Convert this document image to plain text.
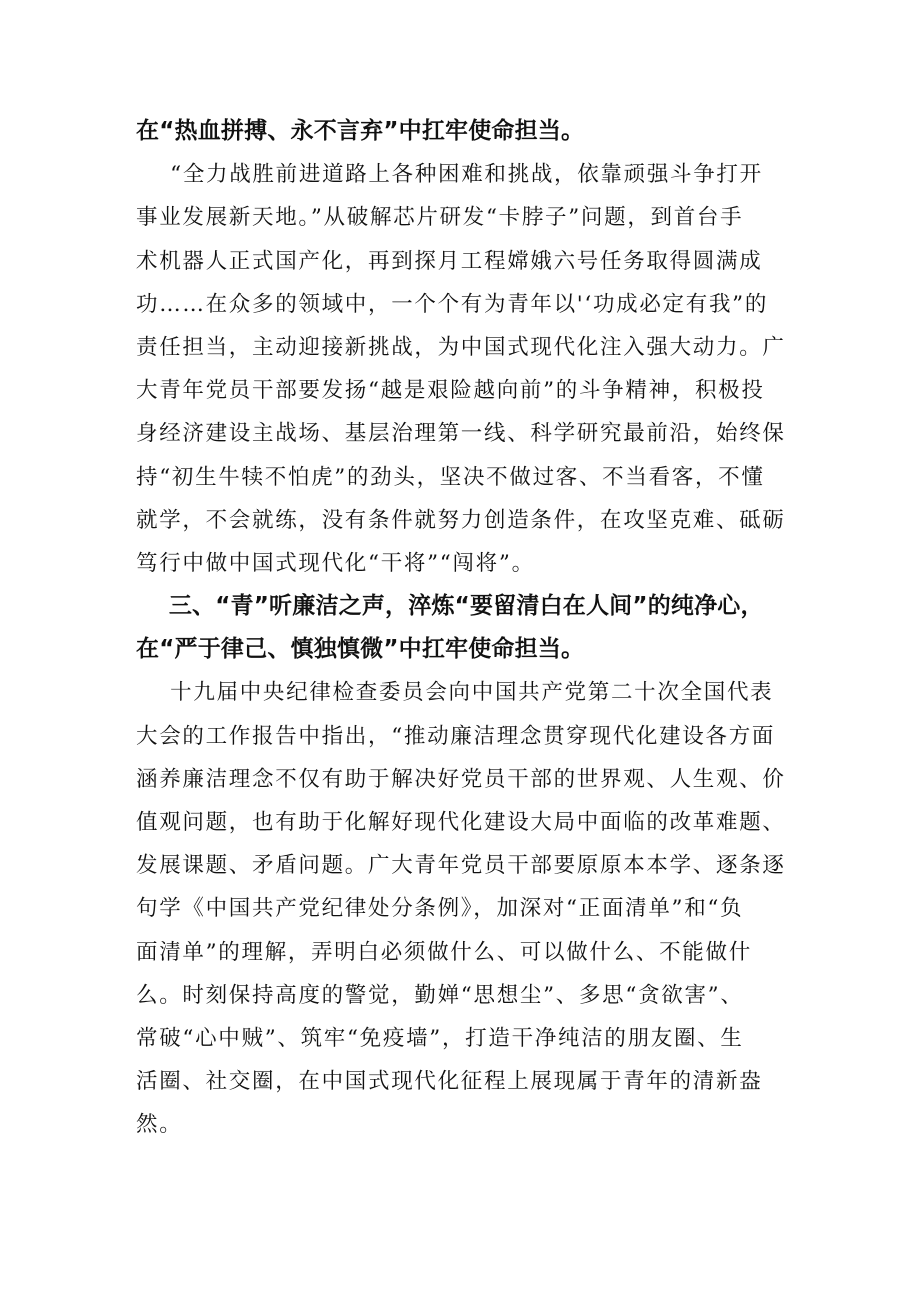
在“热血拼搏、永不言弃”中扛牢使命担当。
“全力战胜前进道路上各种困难和挑战，依靠顽强斗争打开
事业发展新天地。”从破解芯片研发“卡脖子”问题，到首台手
术机器人正式国产化，再到探月工程嫦娥六号任务取得圆满成
功……在众多的领域中，一个个有为青年以'‘功成必定有我”的
责任担当，主动迎接新挑战，为中国式现代化注入强大动力。广
大青年党员干部要发扬“越是艰险越向前”的斗争精神，积极投
身经济建设主战场、基层治理第一线、科学研究最前沿，始终保
持“初生牛犊不怕虎”的劲头，坚决不做过客、不当看客，不懂
就学，不会就练，没有条件就努力创造条件，在攻坚克难、砥砺
笃行中做中国式现代化“干将”“闯将”。
三、“青”听廉洁之声，淬炼“要留清白在人间”的纯净心，
在“严于律己、慎独慎微”中扛牢使命担当。
十九届中央纪律检查委员会向中国共产党第二十次全国代表
大会的工作报告中指出，“推动廉洁理念贯穿现代化建设各方面
涵养廉洁理念不仅有助于解决好党员干部的世界观、人生观、价
值观问题，也有助于化解好现代化建设大局中面临的改革难题、
发展课题、矛盾问题。广大青年党员干部要原原本本学、逐条逐
句学《中国共产党纪律处分条例》，加深对“正面清单”和“负
面清单”的理解，弄明白必须做什么、可以做什么、不能做什
么。时刻保持高度的警觉，勤婵“思想尘”、多思“贪欲害”、
常破“心中贼”、筑牢“免疫墙”，打造干净纯洁的朋友圈、生
活圈、社交圈，在中国式现代化征程上展现属于青年的清新盎
然。
